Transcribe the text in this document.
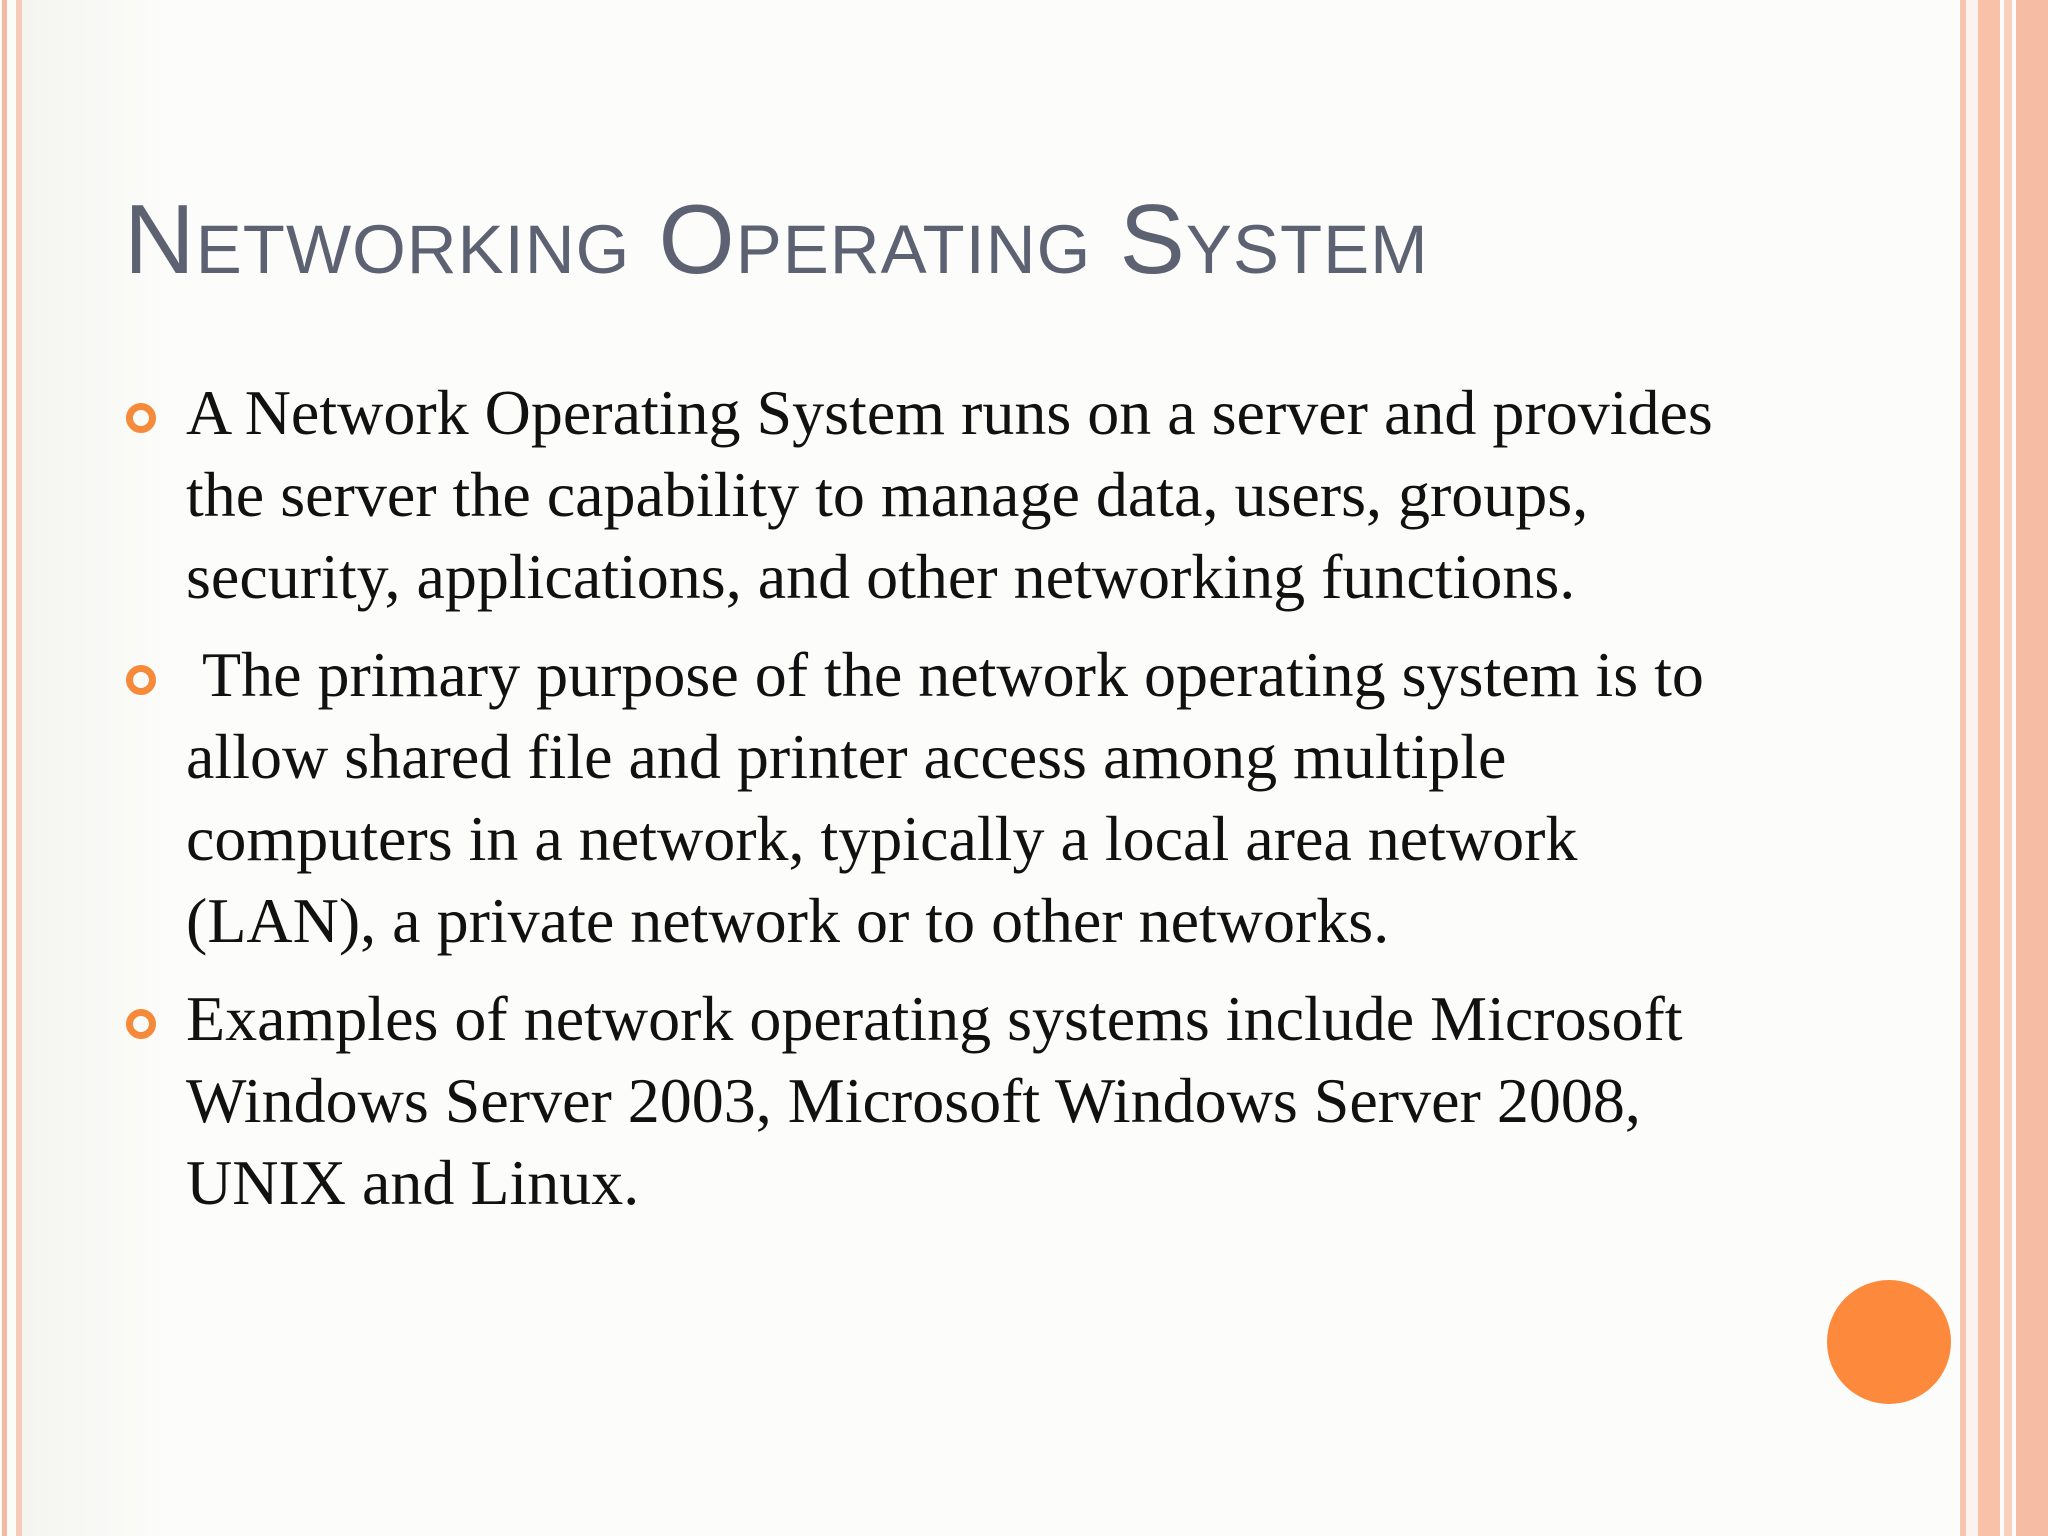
Networking Operating System
A Network Operating System runs on a server and provides the server the capability to manage data, users, groups, security, applications, and other networking functions.
The primary purpose of the network operating system is to allow shared file and printer access among multiple computers in a network, typically a local area network (LAN), a private network or to other networks.
Examples of network operating systems include Microsoft Windows Server 2003, Microsoft Windows Server 2008, UNIX and Linux.
